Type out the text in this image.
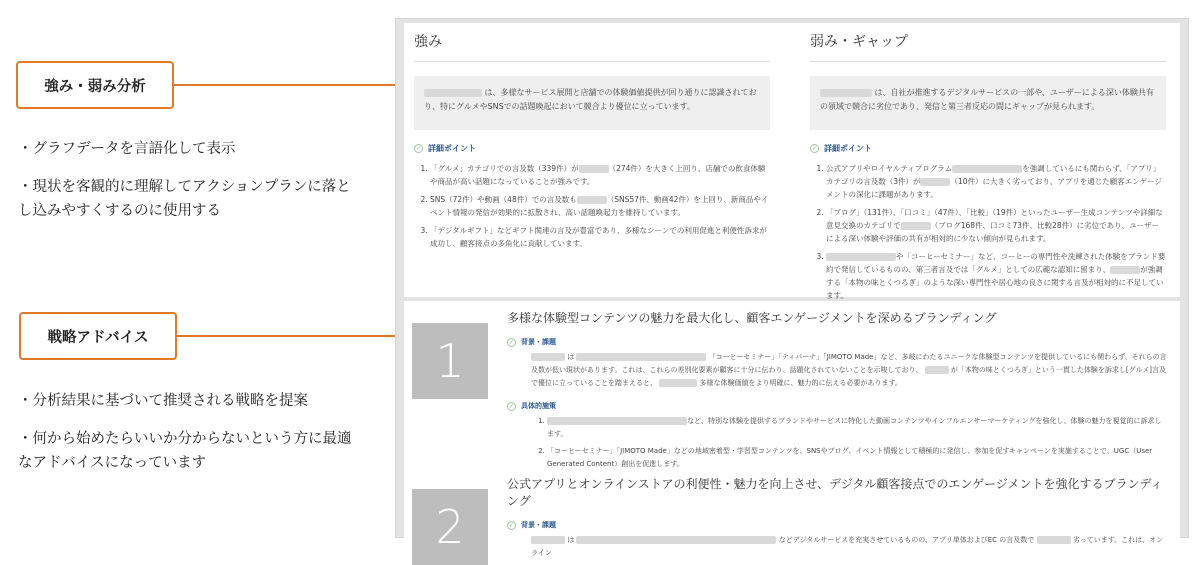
強み・弱み分析

・グラフデータを言語化して表示

・現状を客観的に理解してアクションプランに落とし込みやすくするのに使用する

戦略アドバイス

・分析結果に基づいて推奨される戦略を提案

・何から始めたらいいか分からないという方に最適なアドバイスになっています

強み
は、多様なサービス展開と店舗での体験価値提供が回り通りに認識されており、特にグルメやSNSでの話題喚起において競合より優位に立っています。
✓ 詳細ポイント
1. 「グルメ」カテゴリでの言及数（339件）が	（274件）を大きく上回り、店舗での飲食体験や商品が高い話題になっていることが強みです。
2. SNS（72件）や動画（48件）での言及数も	（SNS57件、動画42件）を上回り、新商品やイベント情報の発信が効果的に拡散され、高い話題喚起力を維持しています。
3. 「デジタルギフト」などギフト関連の言及が豊富であり、多様なシーンでの利用促進と利便性訴求が成功し、顧客接点の多角化に貢献しています。
弱み・ギャップ
は、自社が推進するデジタルサービスの一部や、ユーザーによる深い体験共有の領域で競合に劣位であり、発信と第三者反応の間にギャップが見られます。
✓ 詳細ポイント
1. 公式アプリやロイヤルティプログラム	を強調しているにも関わらず、「アプリ」カテゴリの言及数（3件）が	（10件）に大きく劣っており、アプリを通じた顧客エンゲージメントの深化に課題があります。
2. 「ブログ」（131件）、「口コミ」（47件）、「比較」（19件）といったユーザー生成コンテンツや詳細な意見交換のカテゴリで	（ブログ168件、口コミ73件、比較28件）に劣位であり、ユーザーによる深い体験や評価の共有が相対的に少ない傾向が見られます。
3. や「コーヒーセミナー」など、コーヒーの専門性や洗練された体験をブランド要約で発信しているものの、第三者言及では「グルメ」としての広範な認知に留まり、	が強調する「本物の味とくつろぎ」のような深い専門性や居心地の良さに関する言及が相対的に不足しています。
1
多様な体験型コンテンツの魅力を最大化し、顧客エンゲージメントを深めるブランディング
✓ 背景・課題
は	「コーヒーセミナー」「ティバーナ」「JIMOTO Made」など、多岐にわたるユニークな体験型コンテンツを提供しているにも関わらず、それらの言及数が低い現状があります。これは、これらの差別化要素が顧客に十分に伝わり、話題化されていないことを示唆しており、	が「本物の味とくつろぎ」という一貫した体験を訴求し[グルメ]言及で優位に立っていることを踏まえると、	多様な体験価値をより明確に、魅力的に伝える必要があります。
✓ 具体的施策
1. など、特別な体験を提供するブランドやサービスに特化した動画コンテンツやインフルエンサーマーケティングを強化し、体験の魅力を視覚的に訴求します。
2. 「コーヒーセミナー」「JIMOTO Made」などの地域密着型・学習型コンテンツを、SNSやブログ、イベント情報として積極的に発信し、参加を促すキャンペーンを実施することで、UGC（User Generated Content）創出を促進します。
2
公式アプリとオンラインストアの利便性・魅力を向上させ、デジタル顧客接点でのエンゲージメントを強化するブランディング
✓ 背景・課題
は	などデジタルサービスを充実させているものの、アプリ単体およびEC の言及数で	劣っています。これは、オンライン
